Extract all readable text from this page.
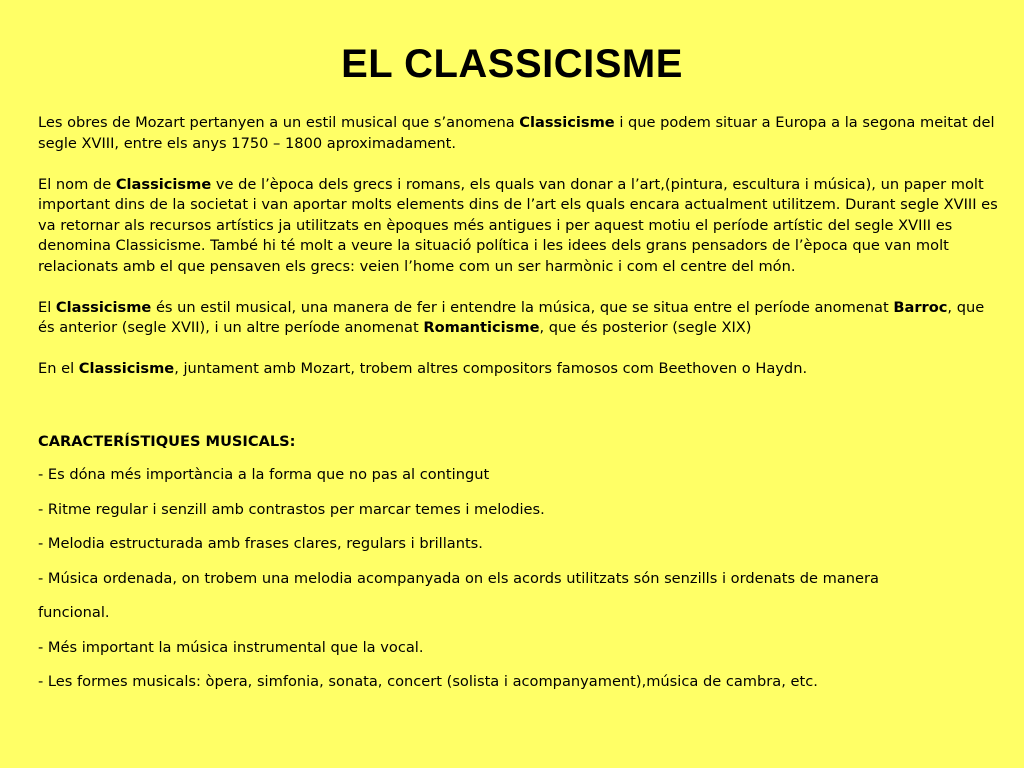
EL CLASSICISME

Les obres de Mozart pertanyen a un estil musical que s’anomena Classicisme i que podem situar a Europa a la segona meitat del segle XVIII, entre els anys 1750 – 1800 aproximadament.

El nom de Classicisme ve de l’època dels grecs i romans, els quals van donar a l’art,(pintura, escultura i música), un paper molt important dins de la societat i van aportar molts elements dins de l’art els quals encara actualment utilitzem. Durant segle XVIII es va retornar als recursos artístics ja utilitzats en èpoques més antigues i per aquest motiu el període artístic del segle XVIII es denomina Classicisme. També hi té molt a veure la situació política i les idees dels grans pensadors de l’època que van molt relacionats amb el que pensaven els grecs: veien l’home com un ser harmònic i com el centre del món.

El Classicisme és un estil musical, una manera de fer i entendre la música, que se situa entre el període anomenat Barroc, que és anterior (segle XVII), i un altre període anomenat Romanticisme, que és posterior (segle XIX)

En el Classicisme, juntament amb Mozart, trobem altres compositors famosos com Beethoven o Haydn.

CARACTERÍSTIQUES MUSICALS:
- Es dóna més importància a la forma que no pas al contingut
- Ritme regular i senzill amb contrastos per marcar temes i melodies.
- Melodia estructurada amb frases clares, regulars i brillants.
- Música ordenada, on trobem una melodia acompanyada on els acords utilitzats són senzills i ordenats de manera
funcional.
- Més important la música instrumental que la vocal.
- Les formes musicals: òpera, simfonia, sonata, concert (solista i acompanyament),música de cambra, etc.
